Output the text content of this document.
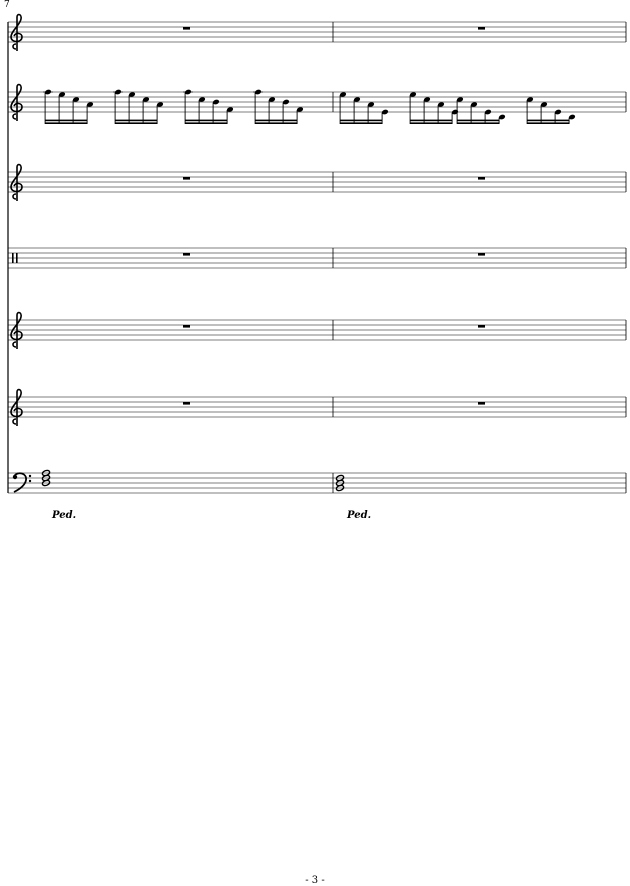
7
Ped.	Ped.
- 3 -
